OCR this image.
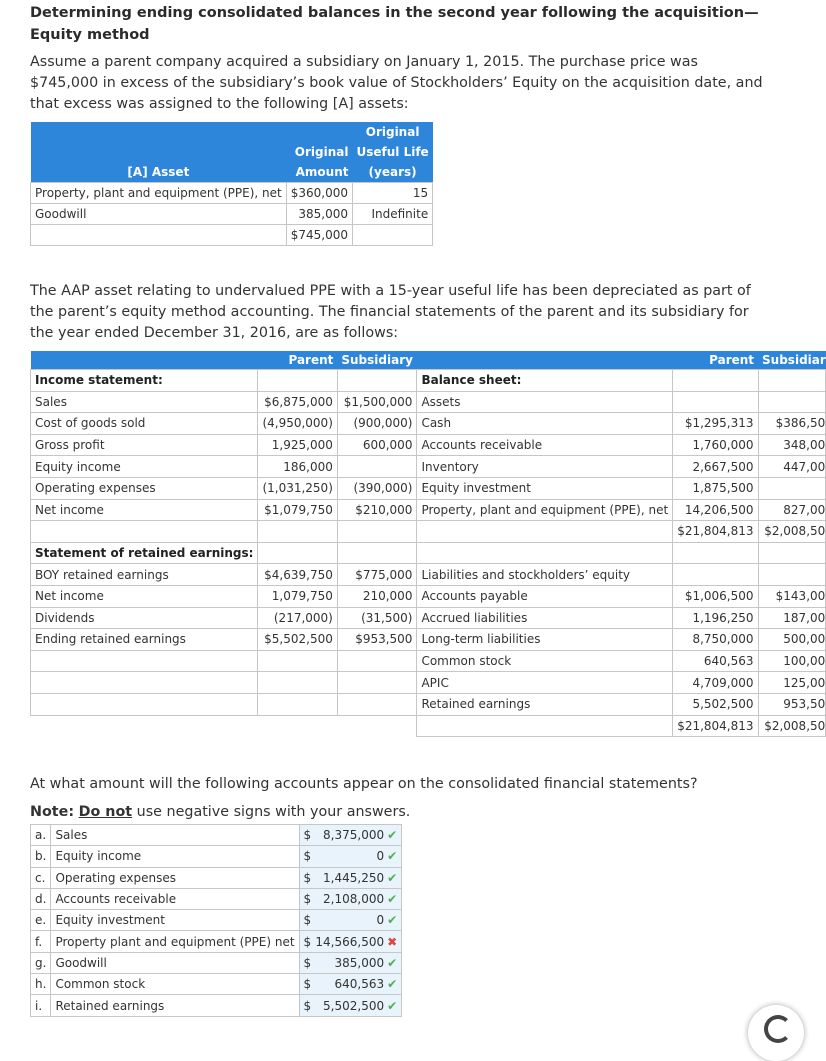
Determining ending consolidated balances in the second year following the acquisition—Equity method

Assume a parent company acquired a subsidiary on January 1, 2015. The purchase price was $745,000 in excess of the subsidiary’s book value of Stockholders’ Equity on the acquisition date, and that excess was assigned to the following [A] assets:

		Original
	Original	Useful Life
[A] Asset	Amount	(years)
Property, plant and equipment (PPE), net	$360,000	15
Goodwill	385,000	Indefinite
	$745,000	

The AAP asset relating to undervalued PPE with a 15-year useful life has been depreciated as part of the parent’s equity method accounting. The financial statements of the parent and its subsidiary for the year ended December 31, 2016, are as follows:

	Parent	Subsidiary		Parent	Subsidiar
Income statement:			Balance sheet:		
Sales	$6,875,000	$1,500,000	Assets		
Cost of goods sold	(4,950,000)	(900,000)	Cash	$1,295,313	$386,50
Gross profit	1,925,000	600,000	Accounts receivable	1,760,000	348,00
Equity income	186,000		Inventory	2,667,500	447,00
Operating expenses	(1,031,250)	(390,000)	Equity investment	1,875,500	
Net income	$1,079,750	$210,000	Property, plant and equipment (PPE), net	14,206,500	827,00
				$21,804,813	$2,008,50
Statement of retained earnings:					
BOY retained earnings	$4,639,750	$775,000	Liabilities and stockholders’ equity		
Net income	1,079,750	210,000	Accounts payable	$1,006,500	$143,00
Dividends	(217,000)	(31,500)	Accrued liabilities	1,196,250	187,00
Ending retained earnings	$5,502,500	$953,500	Long-term liabilities	8,750,000	500,00
			Common stock	640,563	100,00
			APIC	4,709,000	125,00
			Retained earnings	5,502,500	953,50
				$21,804,813	$2,008,50

At what amount will the following accounts appear on the consolidated financial statements?

Note: Do not use negative signs with your answers.
a.	Sales	$	8,375,000 ✔
b.	Equity income	$	0 ✔
c.	Operating expenses	$	1,445,250 ✔
d.	Accounts receivable	$	2,108,000 ✔
e.	Equity investment	$	0 ✔
f.	Property plant and equipment (PPE) net	$	14,566,500 ✖
g.	Goodwill	$	385,000 ✔
h.	Common stock	$	640,563 ✔
i.	Retained earnings	$	5,502,500 ✔
